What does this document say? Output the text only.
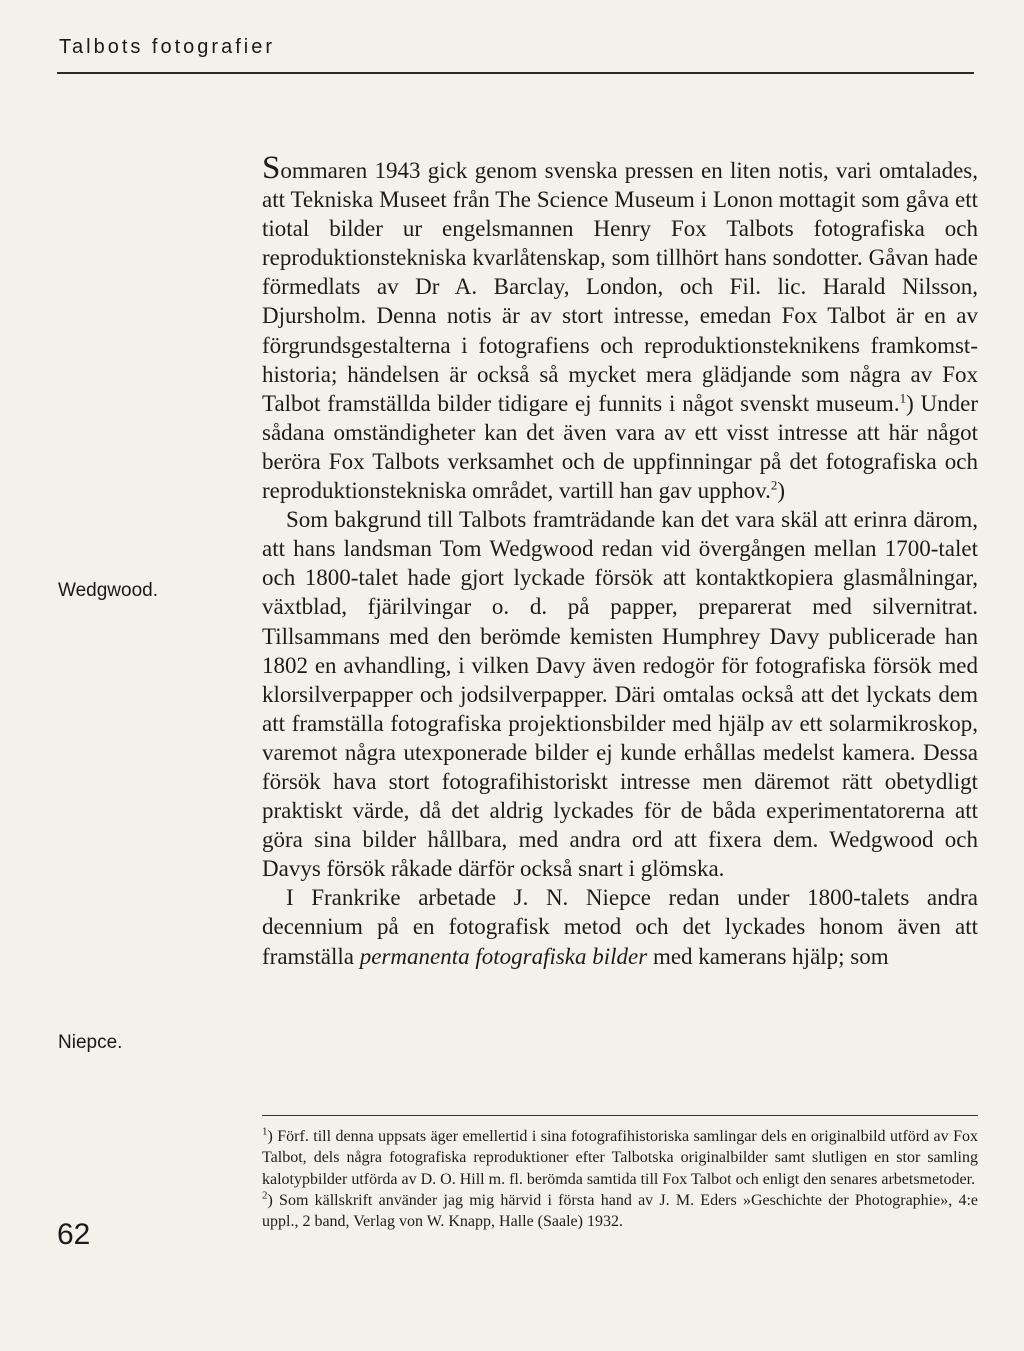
Talbots fotografier
Wedgwood.
Niepce.

Sommaren 1943 gick genom svenska pressen en liten notis, vari omtalades, att Tekniska Museet från The Science Museum i Lonon mottagit som gåva ett tiotal bilder ur engelsmannen Henry Fox Talbots fotografiska och reproduktionstekniska kvarlåtenskap, som tillhört hans sondotter. Gåvan hade förmedlats av Dr A. Barclay, London, och Fil. lic. Harald Nilsson, Djursholm. Denna notis är av stort intresse, emedan Fox Talbot är en av förgrundsgestalterna i fotografiens och reproduktionsteknikens framkomsthistoria; händelsen är också så mycket mera glädjande som några av Fox Talbot framställda bilder tidigare ej funnits i något svenskt museum.$^1$) Under sådana omständigheter kan det även vara av ett visst intresse att här något beröra Fox Talbots verksamhet och de uppfinningar på det fotografiska och reproduktionstekniska området, vartill han gav upphov.$^2$)

Som bakgrund till Talbots framträdande kan det vara skäl att erinra därom, att hans landsman Tom Wedgwood redan vid övergången mellan 1700-talet och 1800-talet hade gjort lyckade försök att kontaktkopiera glasmålningar, växtblad, fjärilvingar o. d. på papper, preparerat med silvernitrat. Tillsammans med den berömde kemisten Humphrey Davy publicerade han 1802 en avhandling, i vilken Davy även redogör för fotografiska försök med klorsilverpapper och jodsilverpapper. Däri omtalas också att det lyckats dem att framställa fotografiska projektionsbilder med hjälp av ett solarmikroskop, varemot några utexponerade bilder ej kunde erhållas medelst kamera. Dessa försök hava stort fotografihistoriskt intresse men däremot rätt obetydligt praktiskt värde, då det aldrig lyckades för de båda experimentatorerna att göra sina bilder hållbara, med andra ord att fixera dem. Wedgwood och Davys försök råkade därför också snart i glömska.

I Frankrike arbetade J. N. Niepce redan under 1800-talets andra decennium på en fotografisk metod och det lyckades honom även att framställa permanenta fotografiska bilder med kamerans hjälp; som

$^1$) Förf. till denna uppsats äger emellertid i sina fotografihistoriska samlingar dels en originalbild utförd av Fox Talbot, dels några fotografiska reproduktioner efter Talbotska originalbilder samt slutligen en stor samling kalotypbilder utförda av D. O. Hill m. fl. berömda samtida till Fox Talbot och enligt den senares arbetsmetoder.

$^2$) Som källskrift använder jag mig härvid i första hand av J. M. Eders »Geschichte der Photographie», 4:e uppl., 2 band, Verlag von W. Knapp, Halle (Saale) 1932.

62
